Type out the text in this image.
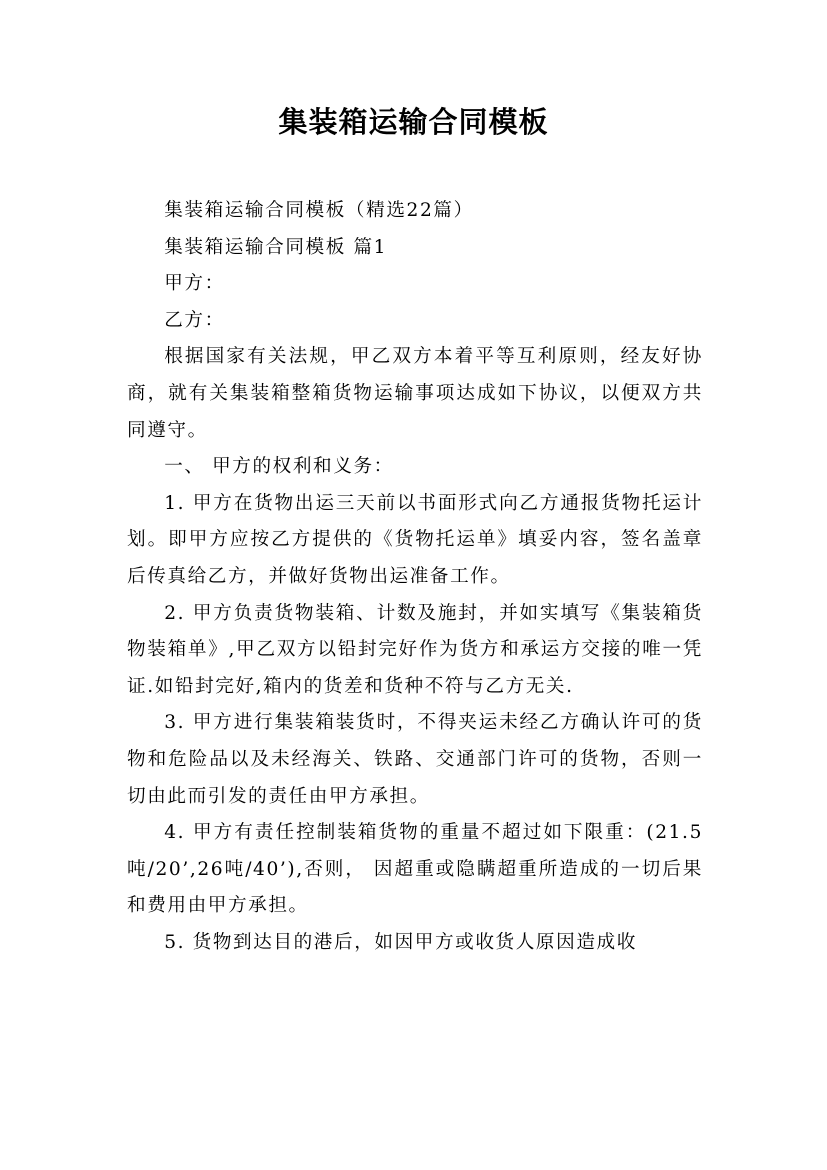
集装箱运输合同模板

集装箱运输合同模板（精选22篇）

集装箱运输合同模板 篇1

甲方：

乙方：

根据国家有关法规，甲乙双方本着平等互利原则，经友好协商，就有关集装箱整箱货物运输事项达成如下协议，以便双方共同遵守。

一、 甲方的权利和义务：

1. 甲方在货物出运三天前以书面形式向乙方通报货物托运计划。即甲方应按乙方提供的《货物托运单》填妥内容，签名盖章后传真给乙方，并做好货物出运准备工作。

2. 甲方负责货物装箱、计数及施封，并如实填写《集装箱货物装箱单》,甲乙双方以铅封完好作为货方和承运方交接的唯一凭证.如铅封完好,箱内的货差和货种不符与乙方无关.

3. 甲方进行集装箱装货时，不得夹运未经乙方确认许可的货物和危险品以及未经海关、铁路、交通部门许可的货物，否则一切由此而引发的责任由甲方承担。

4. 甲方有责任控制装箱货物的重量不超过如下限重：(21.5吨/20’,26吨/40’),否则， 因超重或隐瞒超重所造成的一切后果和费用由甲方承担。

5. 货物到达目的港后，如因甲方或收货人原因造成收
